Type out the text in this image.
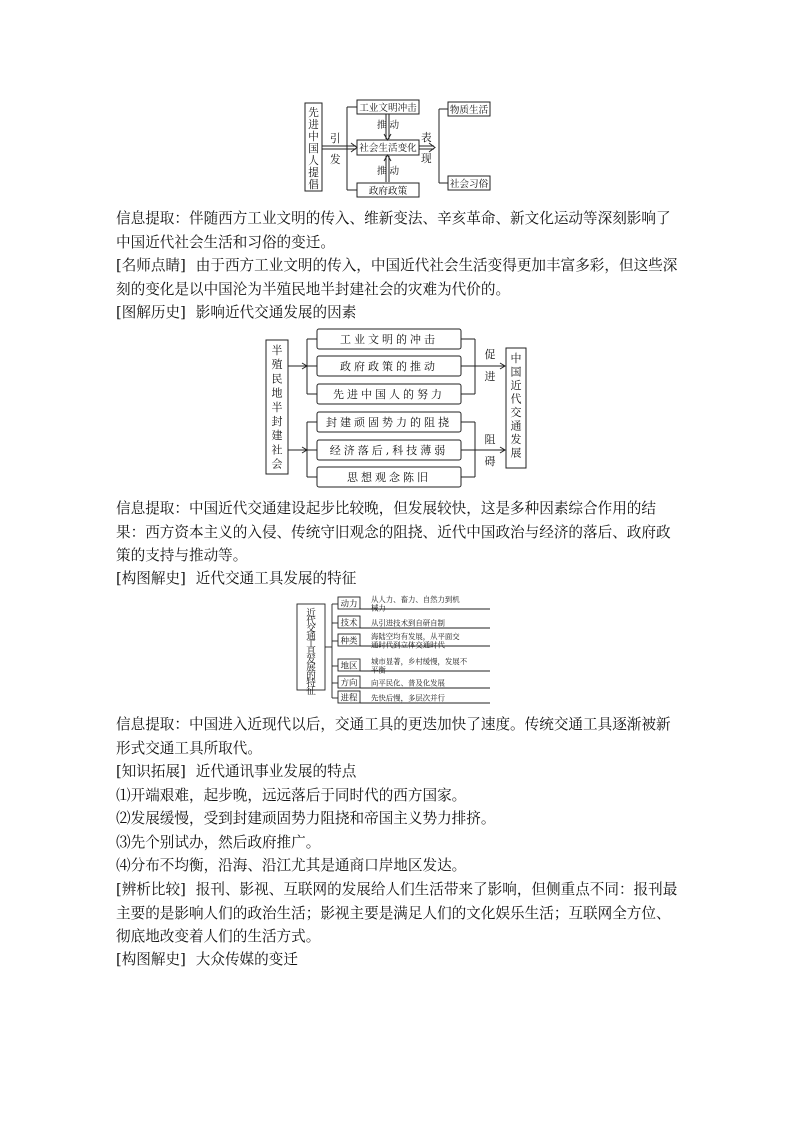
先进中国人提倡
引
发
工业文明冲击
推 动
社会生活变化
推 动
政府政策
表
现
物质生活
社会习俗

信息提取：伴随西方工业文明的传入、维新变法、辛亥革命、新文化运动等深刻影响了中国近代社会生活和习俗的变迁。

[名师点睛] 由于西方工业文明的传入，中国近代社会生活变得更加丰富多彩，但这些深刻的变化是以中国沦为半殖民地半封建社会的灾难为代价的。

[图解历史] 影响近代交通发展的因素

半殖民地半封建社会
工业文明的冲击
政府政策的推动
先进中国人的努力
封建顽固势力的阻挠
经济落后,科技薄弱
思想观念陈旧
促
进
阻
碍
中国近代交通发展

信息提取：中国近代交通建设起步比较晚，但发展较快，这是多种因素综合作用的结果：西方资本主义的入侵、传统守旧观念的阻挠、近代中国政治与经济的落后、政府政策的支持与推动等。

[构图解史] 近代交通工具发展的特征

近代交通工具发展的特征
动力 从人力、畜力、自然力到机
械力
技术 从引进技术到自研自制
种类 海陆空均有发展，从平面交
通时代到立体交通时代
地区 城市显著，乡村缓慢，发展不
平衡
方向 向平民化、普及化发展
进程 先快后慢，多层次并行

信息提取：中国进入近现代以后，交通工具的更迭加快了速度。传统交通工具逐渐被新形式交通工具所取代。

[知识拓展] 近代通讯事业发展的特点

⑴开端艰难，起步晚，远远落后于同时代的西方国家。

⑵发展缓慢，受到封建顽固势力阻挠和帝国主义势力排挤。

⑶先个别试办，然后政府推广。

⑷分布不均衡，沿海、沿江尤其是通商口岸地区发达。

[辨析比较] 报刊、影视、互联网的发展给人们生活带来了影响，但侧重点不同：报刊最主要的是影响人们的政治生活；影视主要是满足人们的文化娱乐生活；互联网全方位、彻底地改变着人们的生活方式。

[构图解史] 大众传媒的变迁
